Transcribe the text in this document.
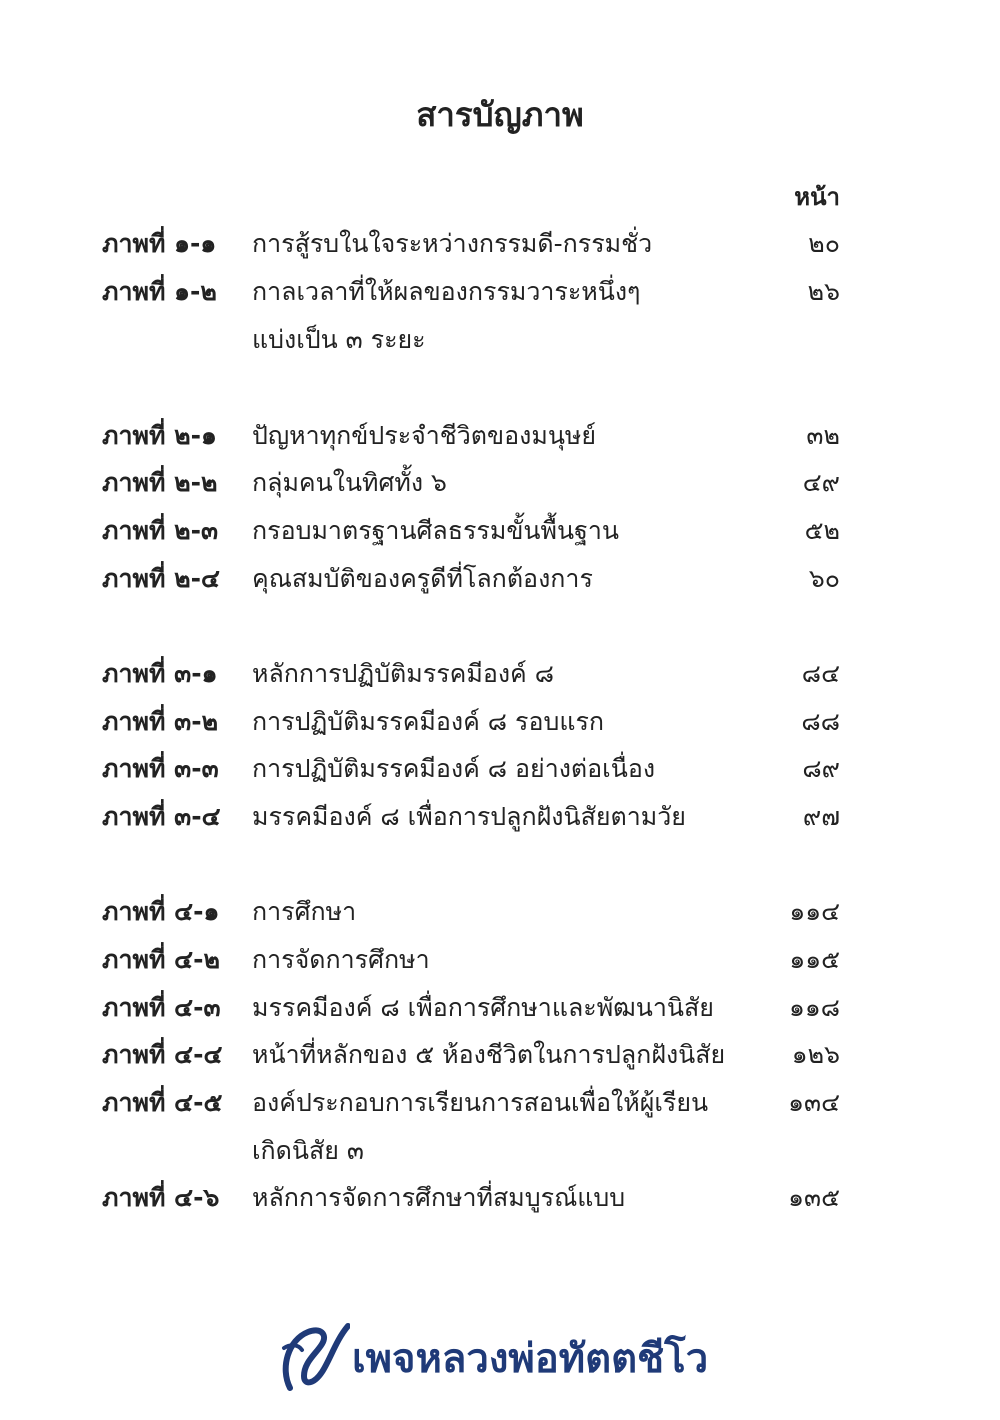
สารบัญภาพ
หน้า
ภาพที่ ๑-๑ การสู้รบในใจระหว่างกรรมดี-กรรมชั่ว	๒๐
ภาพที่ ๑-๒ กาลเวลาที่ให้ผลของกรรมวาระหนึ่งๆ	๒๖
แบ่งเป็น ๓ ระยะ
ภาพที่ ๒-๑ ปัญหาทุกข์ประจำชีวิตของมนุษย์	๓๒
ภาพที่ ๒-๒ กลุ่มคนในทิศทั้ง ๖	๔๙
ภาพที่ ๒-๓ กรอบมาตรฐานศีลธรรมขั้นพื้นฐาน	๕๒
ภาพที่ ๒-๔ คุณสมบัติของครูดีที่โลกต้องการ	๖๐
ภาพที่ ๓-๑ หลักการปฏิบัติมรรคมีองค์ ๘	๘๔
ภาพที่ ๓-๒ การปฏิบัติมรรคมีองค์ ๘ รอบแรก	๘๘
ภาพที่ ๓-๓ การปฏิบัติมรรคมีองค์ ๘ อย่างต่อเนื่อง	๘๙
ภาพที่ ๓-๔ มรรคมีองค์ ๘ เพื่อการปลูกฝังนิสัยตามวัย	๙๗
ภาพที่ ๔-๑ การศึกษา	๑๑๔
ภาพที่ ๔-๒ การจัดการศึกษา	๑๑๕
ภาพที่ ๔-๓ มรรคมีองค์ ๘ เพื่อการศึกษาและพัฒนานิสัย	๑๑๘
ภาพที่ ๔-๔ หน้าที่หลักของ ๕ ห้องชีวิตในการปลูกฝังนิสัย	๑๒๖
ภาพที่ ๔-๕ องค์ประกอบการเรียนการสอนเพื่อให้ผู้เรียน	๑๓๔
เกิดนิสัย ๓
ภาพที่ ๔-๖ หลักการจัดการศึกษาที่สมบูรณ์แบบ	๑๓๕
เพจหลวงพ่อทัตตชีโว
